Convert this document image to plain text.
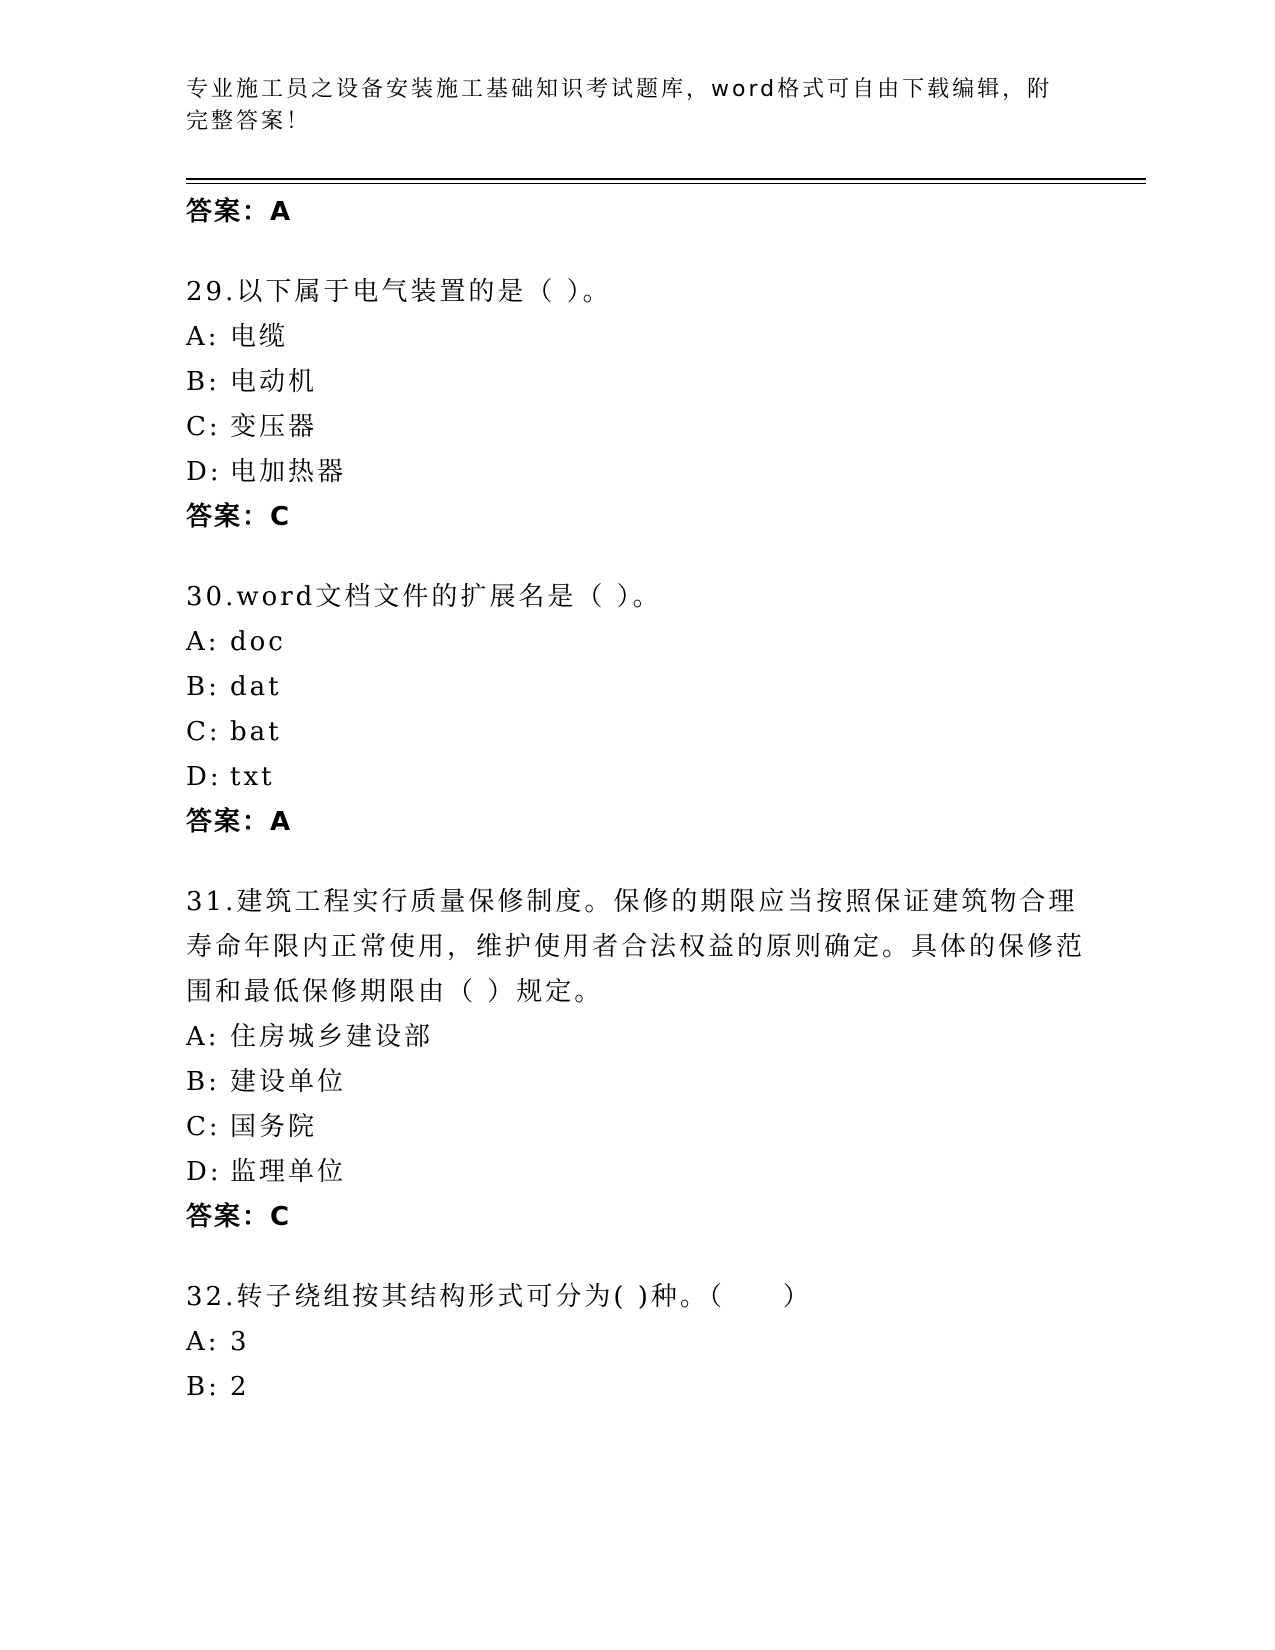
专业施工员之设备安装施工基础知识考试题库，word格式可自由下载编辑，附完整答案！
答案：A
29.以下属于电气装置的是（ ）。
A: 电缆
B: 电动机
C: 变压器
D: 电加热器
答案：C
30.word文档文件的扩展名是（ ）。
A: doc
B: dat
C: bat
D: txt
答案：A
31.建筑工程实行质量保修制度。保修的期限应当按照保证建筑物合理寿命年限内正常使用，维护使用者合法权益的原则确定。具体的保修范围和最低保修期限由（ ）规定。
A: 住房城乡建设部
B: 建设单位
C: 国务院
D: 监理单位
答案：C
32.转子绕组按其结构形式可分为( )种。（　　）
A: 3
B: 2
